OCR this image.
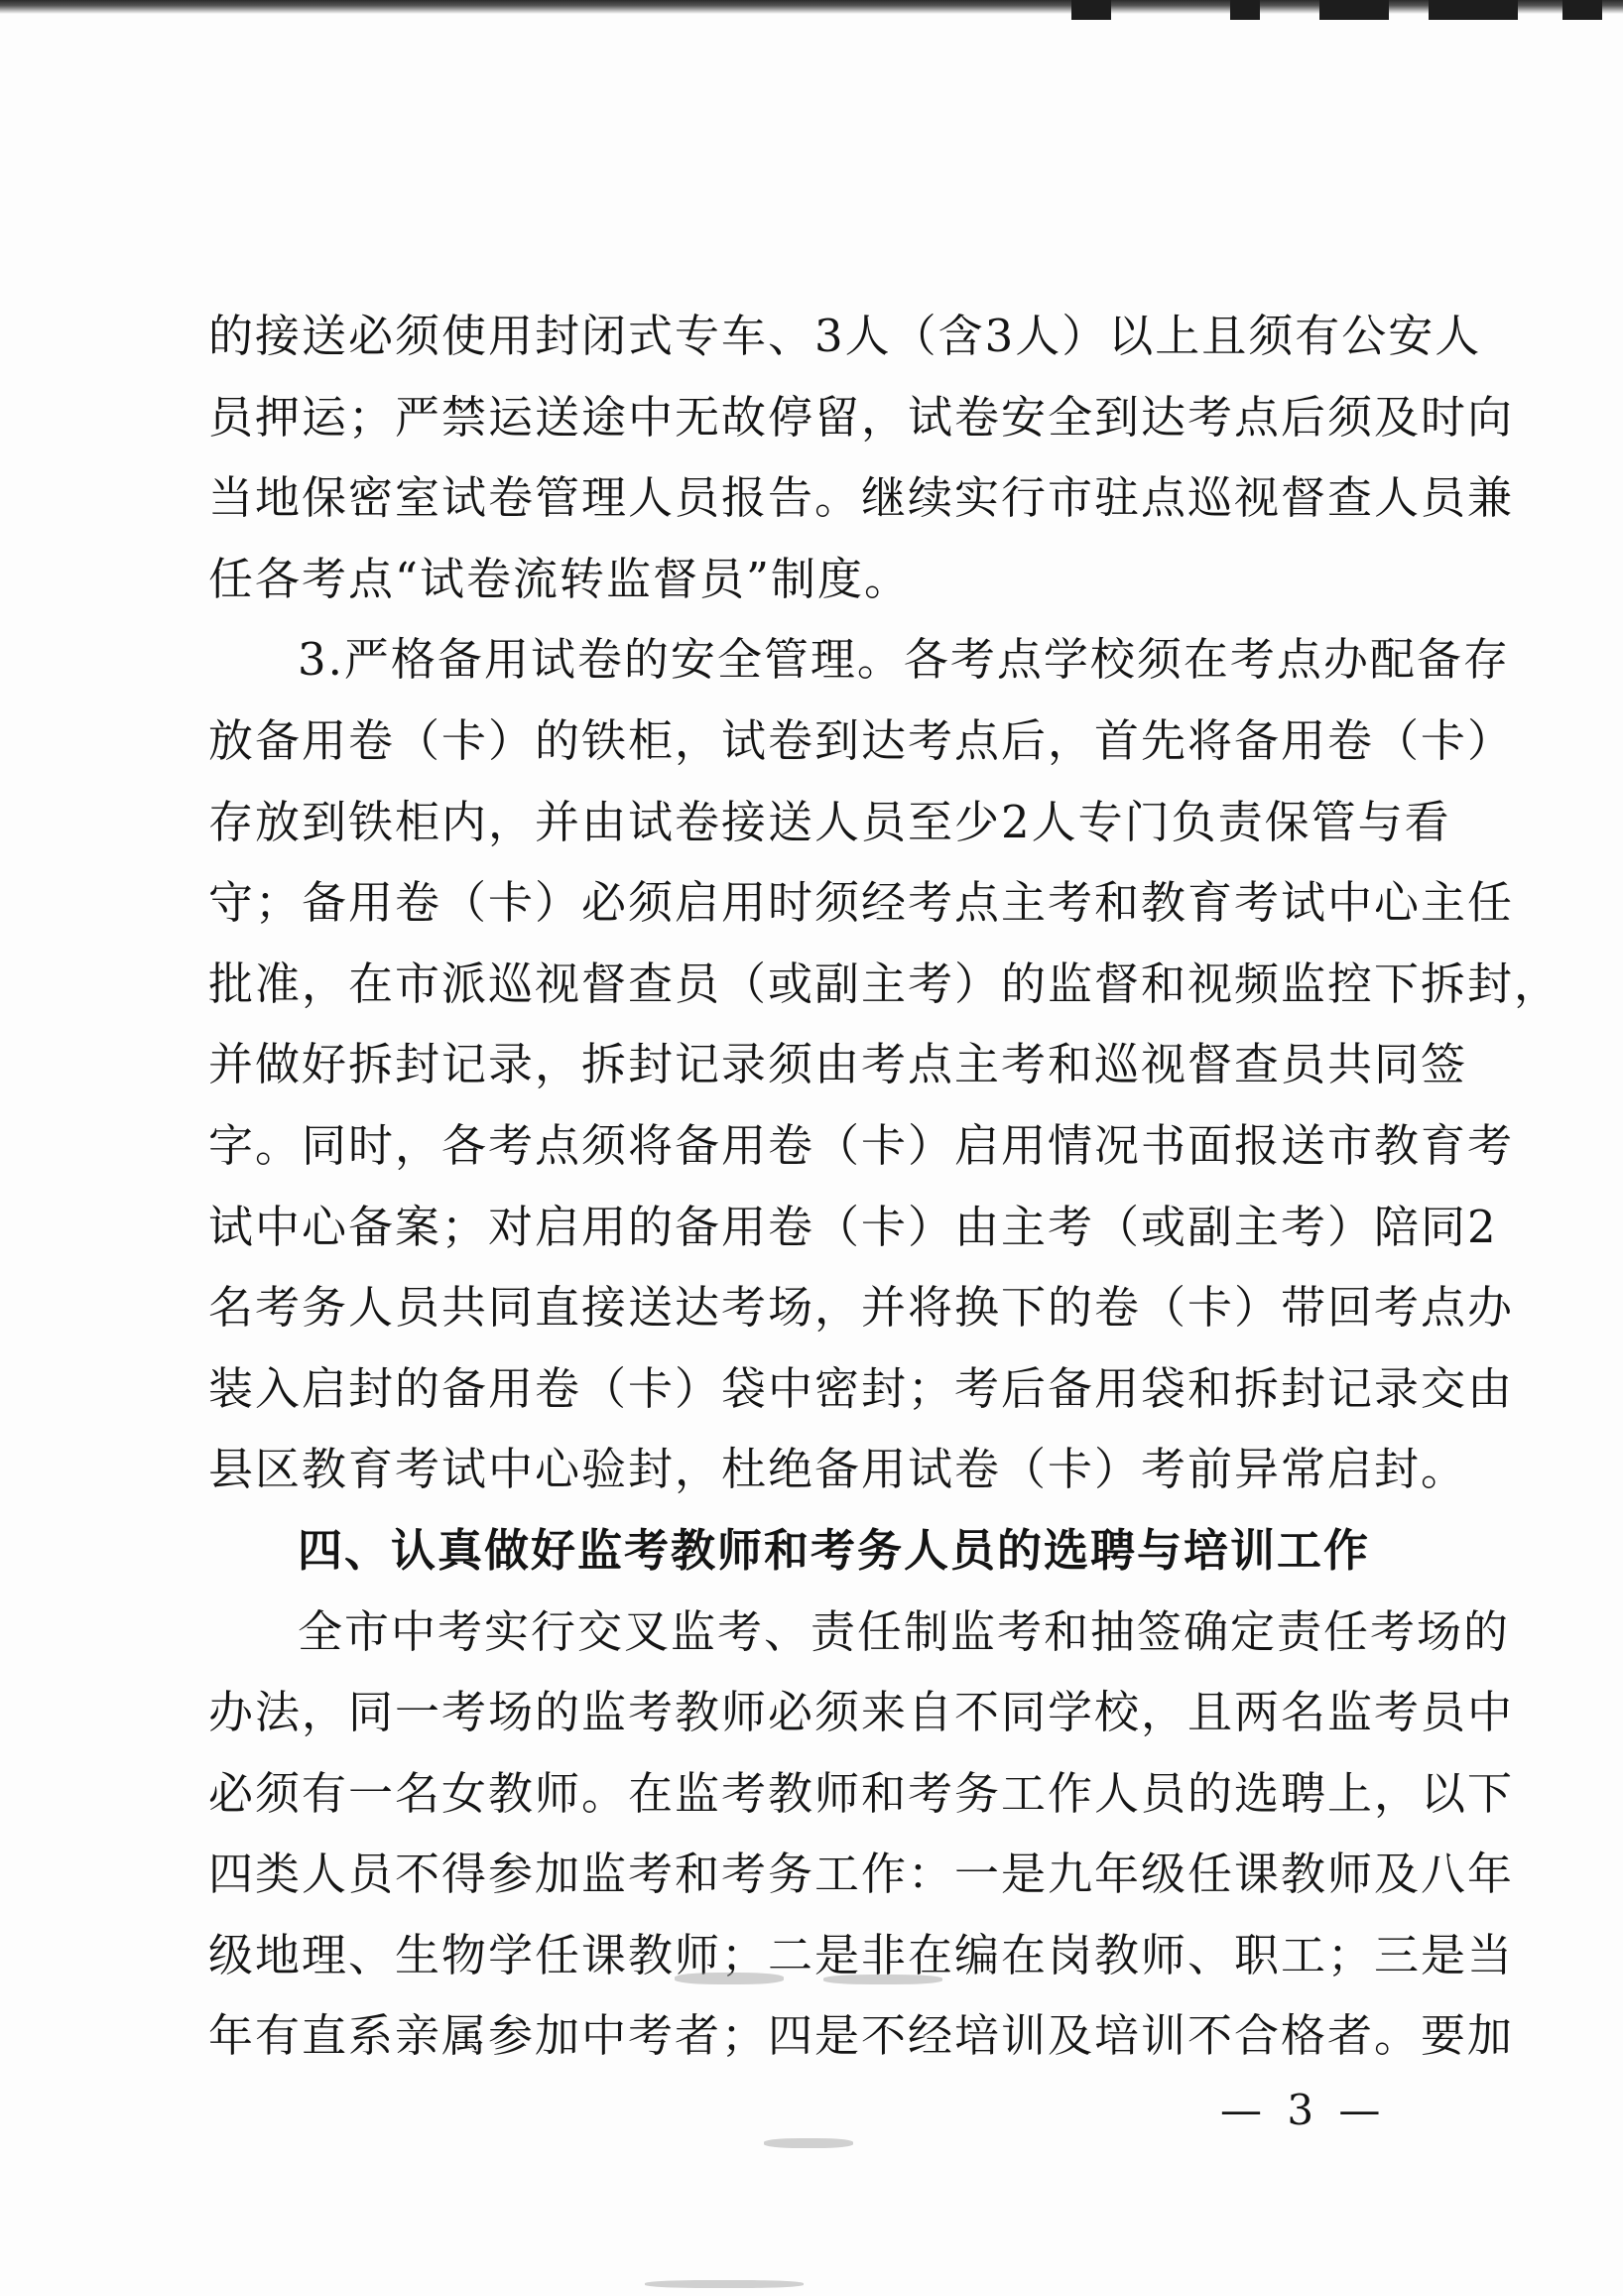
的接送必须使用封闭式专车、3人（含3人）以上且须有公安人
员押运；严禁运送途中无故停留，试卷安全到达考点后须及时向
当地保密室试卷管理人员报告。继续实行市驻点巡视督查人员兼
任各考点“试卷流转监督员”制度。
3.严格备用试卷的安全管理。各考点学校须在考点办配备存
放备用卷（卡）的铁柜，试卷到达考点后，首先将备用卷（卡）
存放到铁柜内，并由试卷接送人员至少2人专门负责保管与看
守；备用卷（卡）必须启用时须经考点主考和教育考试中心主任
批准，在市派巡视督查员（或副主考）的监督和视频监控下拆封，
并做好拆封记录，拆封记录须由考点主考和巡视督查员共同签
字。同时，各考点须将备用卷（卡）启用情况书面报送市教育考
试中心备案；对启用的备用卷（卡）由主考（或副主考）陪同2
名考务人员共同直接送达考场，并将换下的卷（卡）带回考点办
装入启封的备用卷（卡）袋中密封；考后备用袋和拆封记录交由
县区教育考试中心验封，杜绝备用试卷（卡）考前异常启封。
四、认真做好监考教师和考务人员的选聘与培训工作
全市中考实行交叉监考、责任制监考和抽签确定责任考场的
办法，同一考场的监考教师必须来自不同学校，且两名监考员中
必须有一名女教师。在监考教师和考务工作人员的选聘上，以下
四类人员不得参加监考和考务工作：一是九年级任课教师及八年
级地理、生物学任课教师；二是非在编在岗教师、职工；三是当
年有直系亲属参加中考者；四是不经培训及培训不合格者。要加
— 3 —
